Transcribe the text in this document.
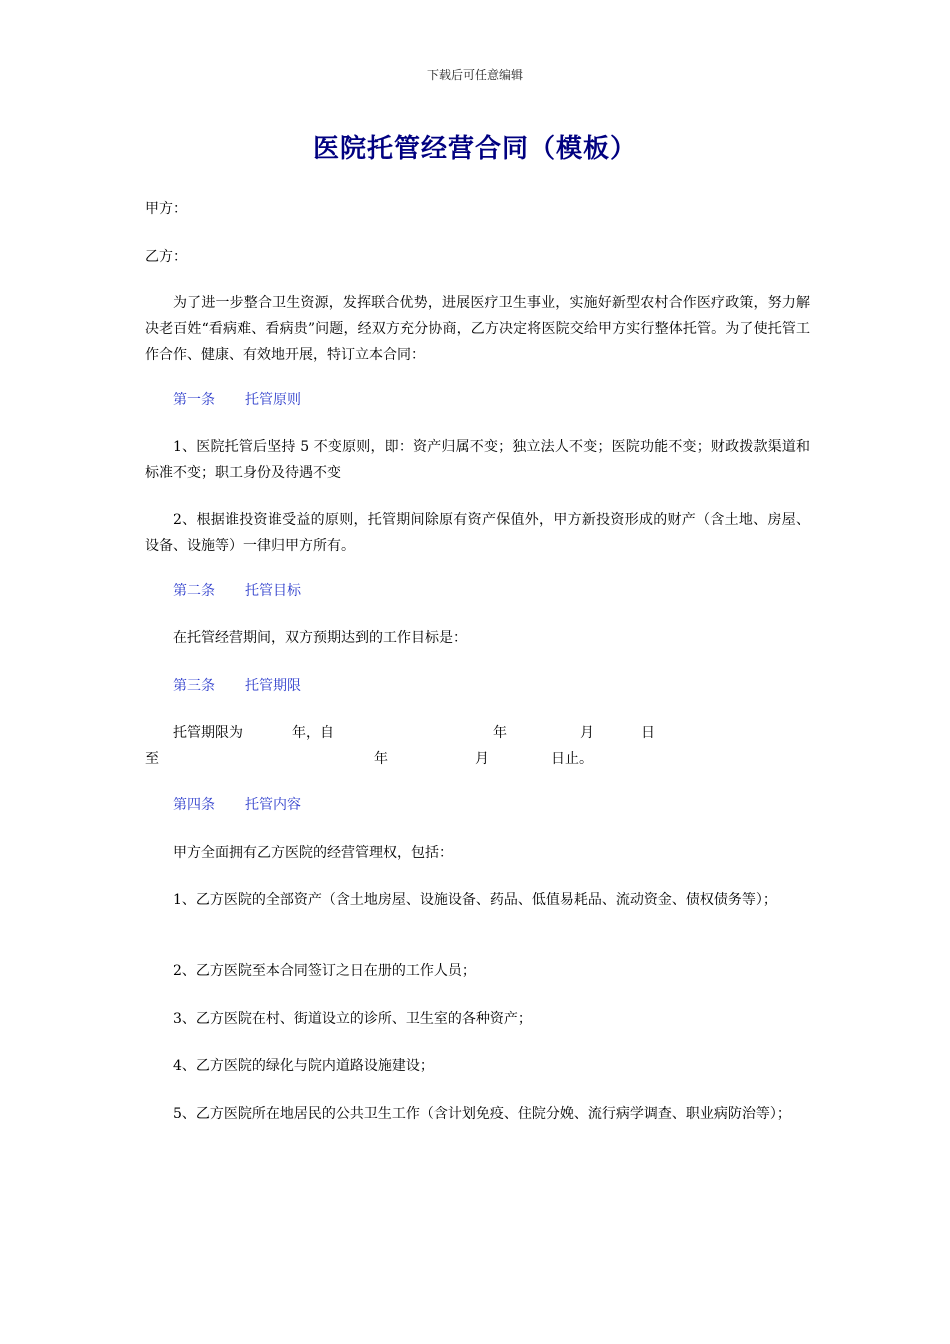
下载后可任意编辑
医院托管经营合同（模板）
甲方：
乙方：
为了进一步整合卫生资源，发挥联合优势，进展医疗卫生事业，实施好新型农村合作医疗政策，努力解决老百姓“看病难、看病贵”问题，经双方充分协商，乙方决定将医院交给甲方实行整体托管。为了使托管工作合作、健康、有效地开展，特订立本合同：
第一条 托管原则
1、医院托管后坚持 5 不变原则，即：资产归属不变；独立法人不变；医院功能不变；财政拨款渠道和标准不变；职工身份及待遇不变
2、根据谁投资谁受益的原则，托管期间除原有资产保值外，甲方新投资形成的财产（含土地、房屋、设备、设施等）一律归甲方所有。
第二条 托管目标
在托管经营期间，双方预期达到的工作目标是：
第三条 托管期限
托管期限为	年，自	年	月	日
至	年	月	日止。
第四条 托管内容
甲方全面拥有乙方医院的经营管理权，包括：
1、乙方医院的全部资产（含土地房屋、设施设备、药品、低值易耗品、流动资金、债权债务等）；
2、乙方医院至本合同签订之日在册的工作人员；
3、乙方医院在村、街道设立的诊所、卫生室的各种资产；
4、乙方医院的绿化与院内道路设施建设；
5、乙方医院所在地居民的公共卫生工作（含计划免疫、住院分娩、流行病学调查、职业病防治等）；
